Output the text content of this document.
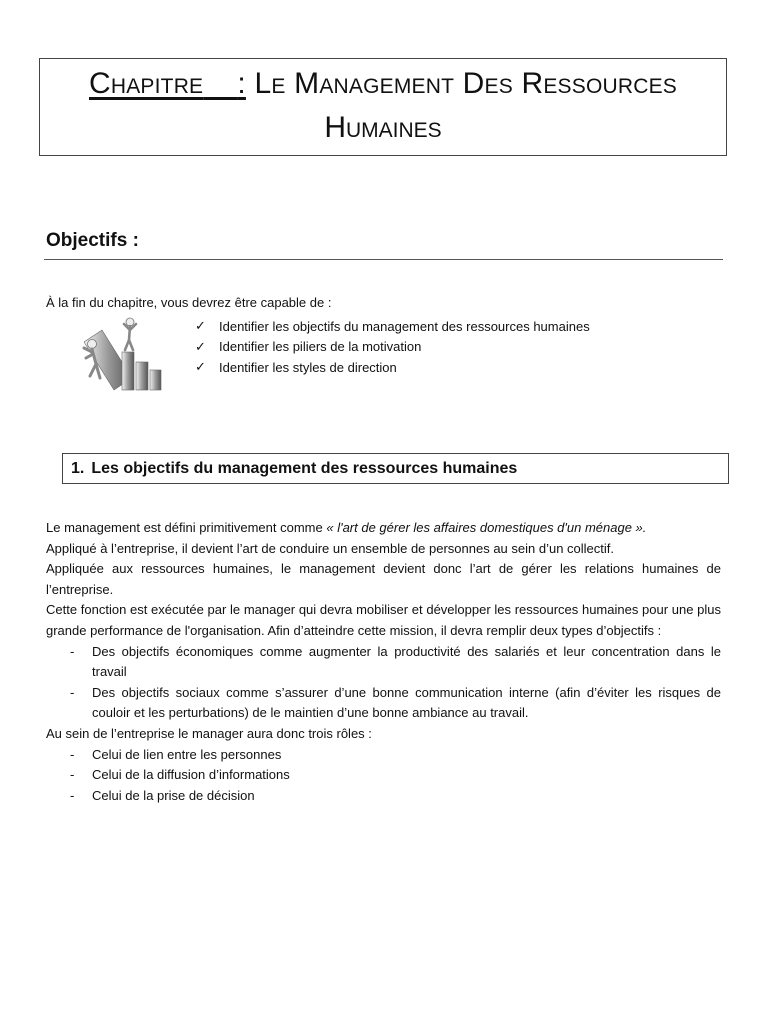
Chapitre : Le Management Des Ressources
Humaines
Objectifs :
À la fin du chapitre, vous devrez être capable de :
✓	Identifier les objectifs du management des ressources humaines
✓	Identifier les piliers de la motivation
✓	Identifier les styles de direction
1. Les objectifs du management des ressources humaines

Le management est défini primitivement comme « l'art de gérer les affaires domestiques d'un ménage ».

Appliqué à l’entreprise, il devient l’art de conduire un ensemble de personnes au sein d’un collectif.

Appliquée aux ressources humaines, le management devient donc l’art de gérer les relations humaines de l’entreprise.

Cette fonction est exécutée par le manager qui devra mobiliser et développer les ressources humaines pour une plus grande performance de l'organisation. Afin d’atteindre cette mission, il devra remplir deux types d’objectifs :

- Des objectifs économiques comme augmenter la productivité des salariés et leur concentration dans le travail
- Des objectifs sociaux comme s’assurer d’une bonne communication interne (afin d’éviter les risques de couloir et les perturbations) de le maintien d’une bonne ambiance au travail.

Au sein de l’entreprise le manager aura donc trois rôles :

- Celui de lien entre les personnes
- Celui de la diffusion d’informations
- Celui de la prise de décision
